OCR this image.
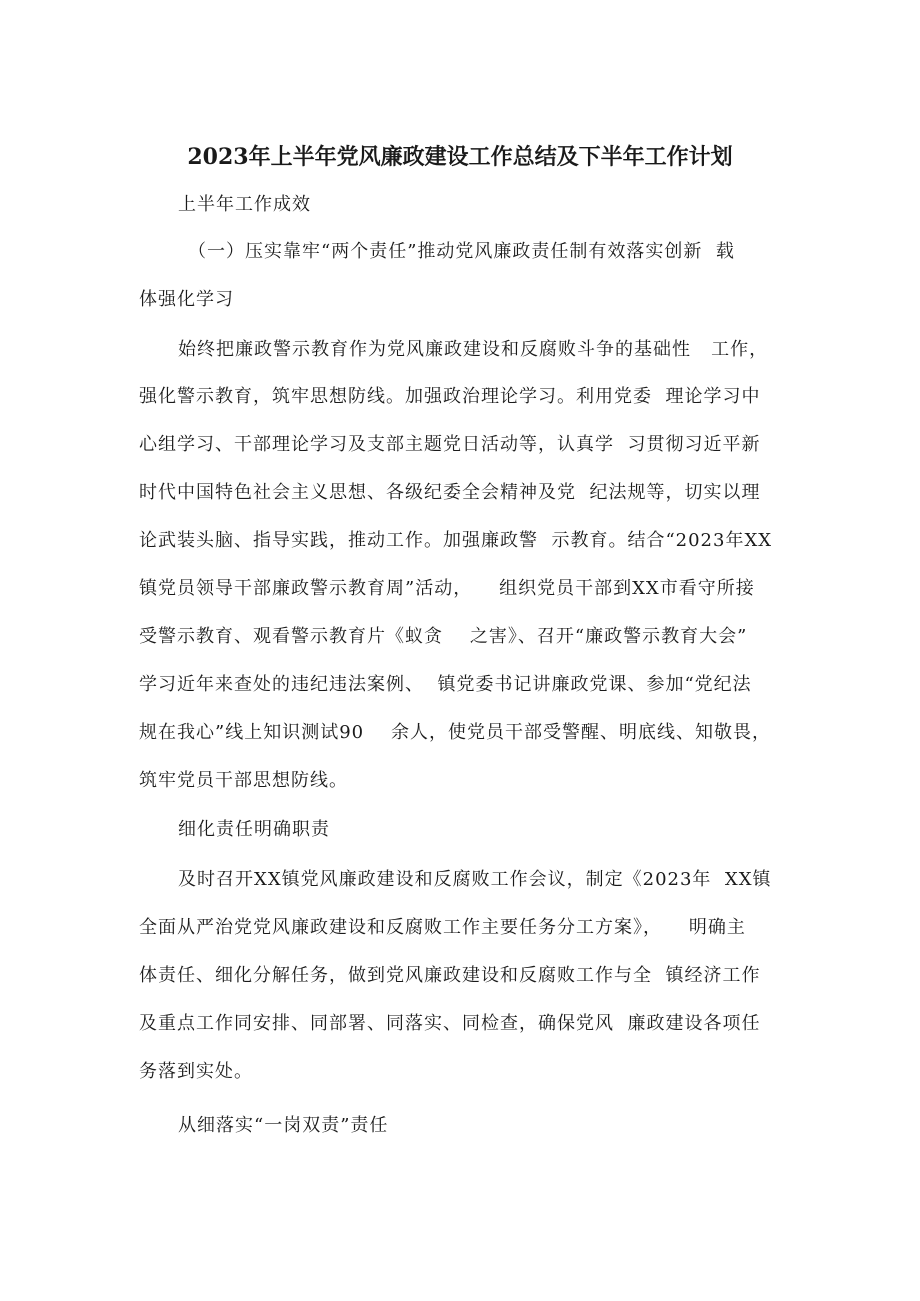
2023年上半年党风廉政建设工作总结及下半年工作计划

上半年工作成效

（一）压实靠牢“两个责任”推动党风廉政责任制有效落实创新  载

体强化学习

始终把廉政警示教育作为党风廉政建设和反腐败斗争的基础性   工作，

强化警示教育，筑牢思想防线。加强政治理论学习。利用党委  理论学习中

心组学习、干部理论学习及支部主题党日活动等，认真学  习贯彻习近平新

时代中国特色社会主义思想、各级纪委全会精神及党  纪法规等，切实以理

论武装头脑、指导实践，推动工作。加强廉政警  示教育。结合“2023年XX

镇党员领导干部廉政警示教育周”活动，    组织党员干部到XX市看守所接

受警示教育、观看警示教育片《蚁贪    之害》、召开“廉政警示教育大会”

学习近年来查处的违纪违法案例、  镇党委书记讲廉政党课、参加“党纪法

规在我心”线上知识测试90    余人，使党员干部受警醒、明底线、知敬畏，

筑牢党员干部思想防线。

细化责任明确职责

及时召开XX镇党风廉政建设和反腐败工作会议，制定《2023年  XX镇

全面从严治党党风廉政建设和反腐败工作主要任务分工方案》，    明确主

体责任、细化分解任务，做到党风廉政建设和反腐败工作与全  镇经济工作

及重点工作同安排、同部署、同落实、同检查，确保党风  廉政建设各项任

务落到实处。

从细落实“一岗双责”责任
